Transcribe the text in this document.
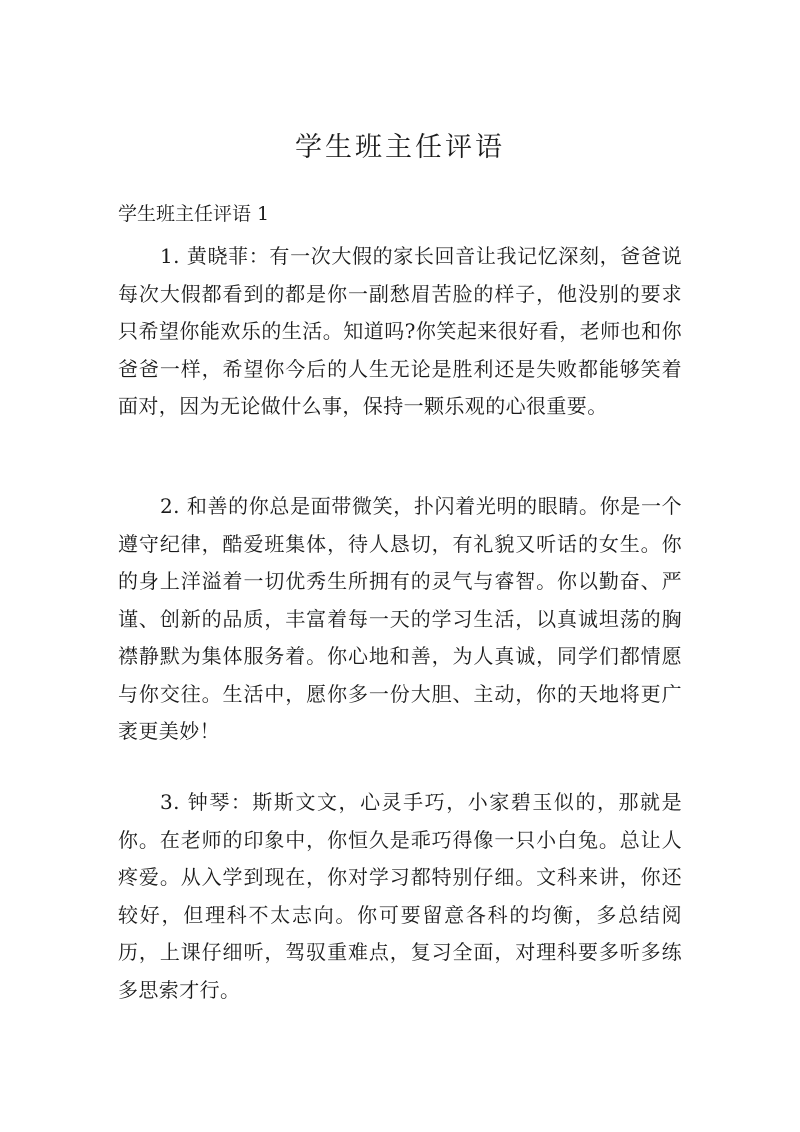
学生班主任评语

学生班主任评语 1

1. 黄晓菲：有一次大假的家长回音让我记忆深刻，爸爸说每次大假都看到的都是你一副愁眉苦脸的样子，他没别的要求只希望你能欢乐的生活。知道吗?你笑起来很好看，老师也和你爸爸一样，希望你今后的人生无论是胜利还是失败都能够笑着面对，因为无论做什么事，保持一颗乐观的心很重要。

2. 和善的你总是面带微笑，扑闪着光明的眼睛。你是一个遵守纪律，酷爱班集体，待人恳切，有礼貌又听话的女生。你的身上洋溢着一切优秀生所拥有的灵气与睿智。你以勤奋、严谨、创新的品质，丰富着每一天的学习生活，以真诚坦荡的胸襟静默为集体服务着。你心地和善，为人真诚，同学们都情愿与你交往。生活中，愿你多一份大胆、主动，你的天地将更广袤更美妙！

3. 钟琴：斯斯文文，心灵手巧，小家碧玉似的，那就是你。在老师的印象中，你恒久是乖巧得像一只小白兔。总让人疼爱。从入学到现在，你对学习都特别仔细。文科来讲，你还较好，但理科不太志向。你可要留意各科的均衡，多总结阅历，上课仔细听，驾驭重难点，复习全面，对理科要多听多练多思索才行。
